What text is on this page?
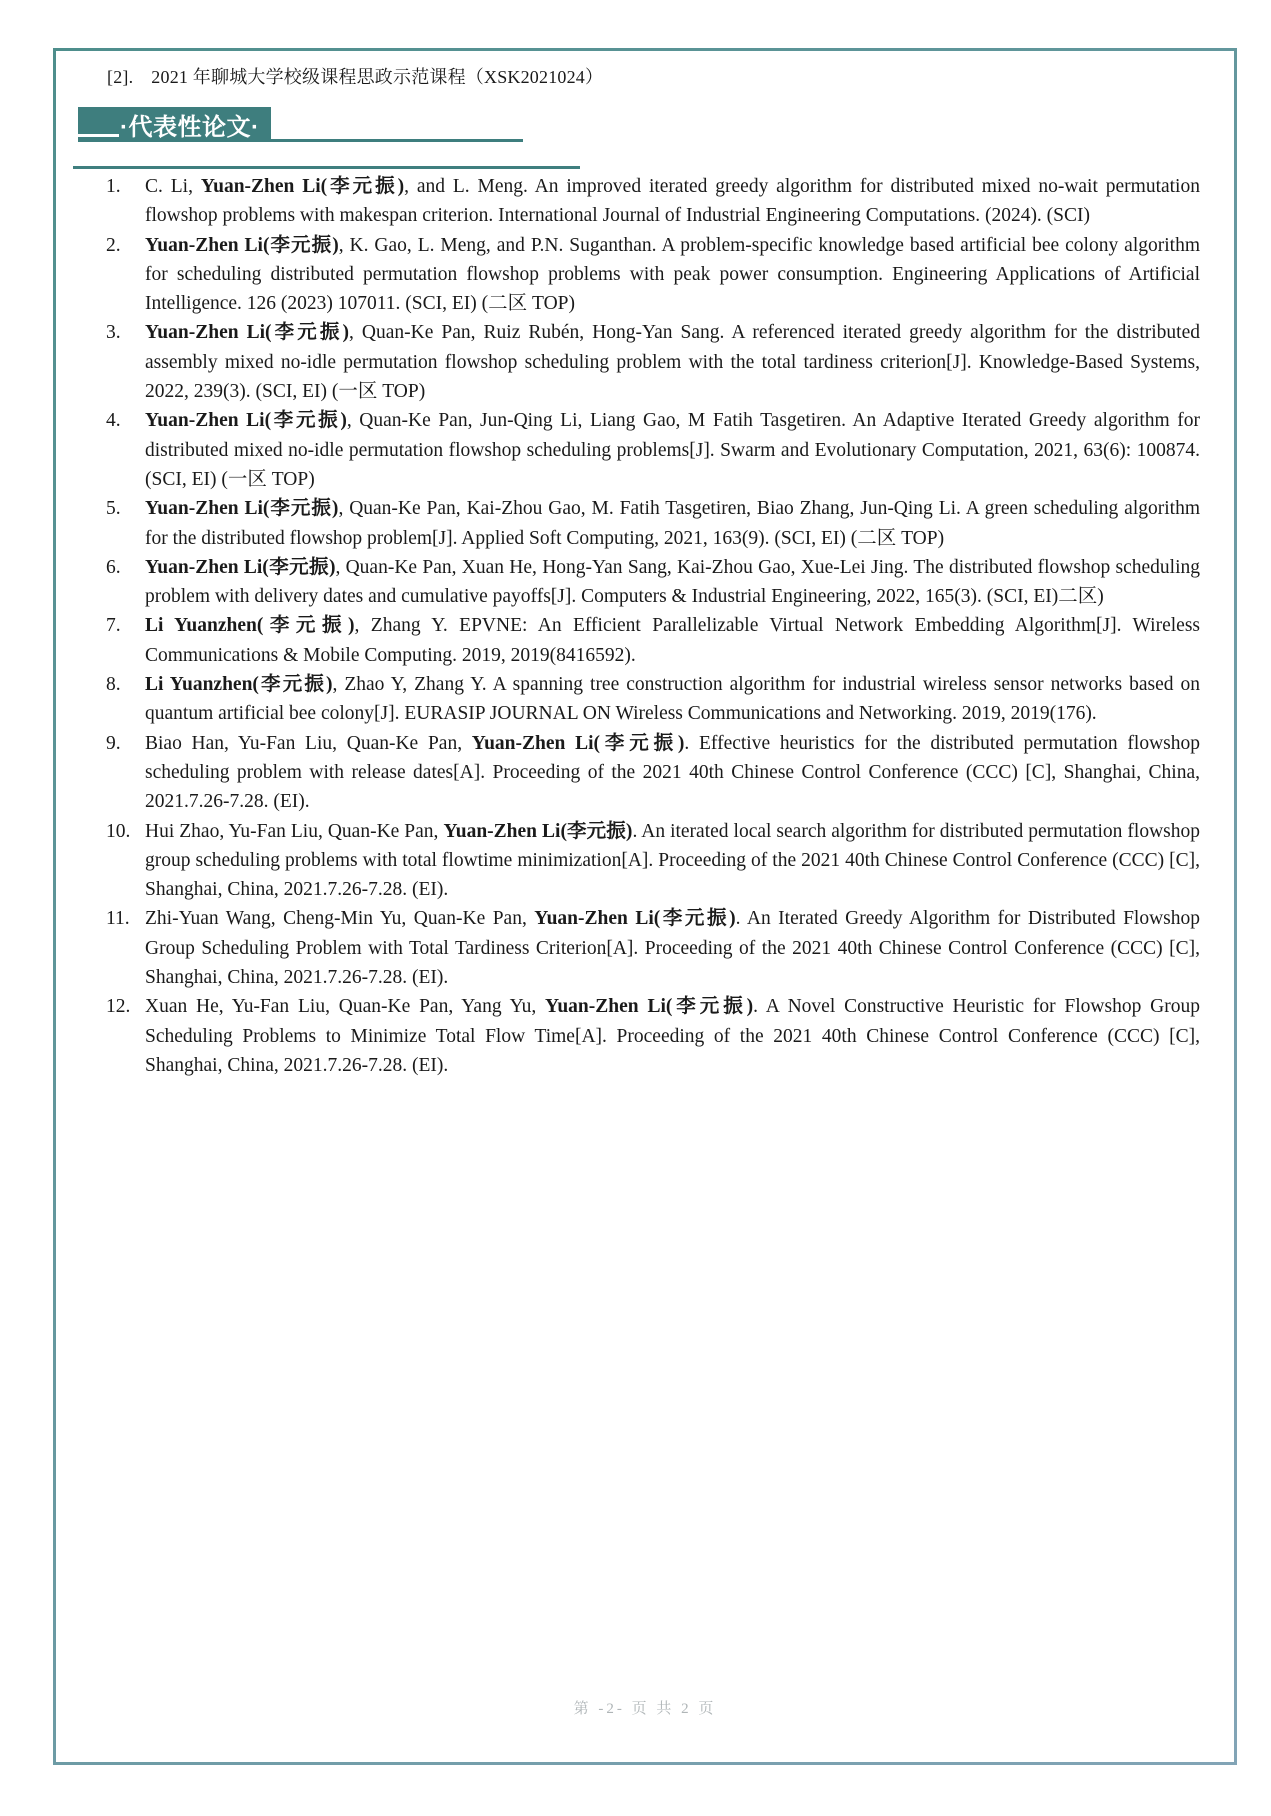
[2]. 2021 年聊城大学校级课程思政示范课程（XSK2021024）
·代表性论文·
1.	C. Li, Yuan-Zhen Li(李元振), and L. Meng. An improved iterated greedy algorithm for distributed mixed no-wait permutation flowshop problems with makespan criterion. International Journal of Industrial Engineering Computations. (2024). (SCI)

2.	Yuan-Zhen Li(李元振), K. Gao, L. Meng, and P.N. Suganthan. A problem-specific knowledge based artificial bee colony algorithm for scheduling distributed permutation flowshop problems with peak power consumption. Engineering Applications of Artificial Intelligence. 126 (2023) 107011. (SCI, EI) (二区 TOP)

3.	Yuan-Zhen Li(李元振), Quan-Ke Pan, Ruiz Rubén, Hong-Yan Sang. A referenced iterated greedy algorithm for the distributed assembly mixed no-idle permutation flowshop scheduling problem with the total tardiness criterion[J]. Knowledge-Based Systems, 2022, 239(3). (SCI, EI) (一区 TOP)

4.	Yuan-Zhen Li(李元振), Quan-Ke Pan, Jun-Qing Li, Liang Gao, M Fatih Tasgetiren. An Adaptive Iterated Greedy algorithm for distributed mixed no-idle permutation flowshop scheduling problems[J]. Swarm and Evolutionary Computation, 2021, 63(6): 100874. (SCI, EI) (一区 TOP)

5.	Yuan-Zhen Li(李元振), Quan-Ke Pan, Kai-Zhou Gao, M. Fatih Tasgetiren, Biao Zhang, Jun-Qing Li. A green scheduling algorithm for the distributed flowshop problem[J]. Applied Soft Computing, 2021, 163(9). (SCI, EI) (二区 TOP)

6.	Yuan-Zhen Li(李元振), Quan-Ke Pan, Xuan He, Hong-Yan Sang, Kai-Zhou Gao, Xue-Lei Jing. The distributed flowshop scheduling problem with delivery dates and cumulative payoffs[J]. Computers & Industrial Engineering, 2022, 165(3). (SCI, EI)二区)

7.	Li Yuanzhen(李元振), Zhang Y. EPVNE: An Efficient Parallelizable Virtual Network Embedding Algorithm[J]. Wireless Communications & Mobile Computing. 2019, 2019(8416592).

8.	Li Yuanzhen(李元振), Zhao Y, Zhang Y. A spanning tree construction algorithm for industrial wireless sensor networks based on quantum artificial bee colony[J]. EURASIP JOURNAL ON Wireless Communications and Networking. 2019, 2019(176).

9.	Biao Han, Yu-Fan Liu, Quan-Ke Pan, Yuan-Zhen Li(李元振). Effective heuristics for the distributed permutation flowshop scheduling problem with release dates[A]. Proceeding of the 2021 40th Chinese Control Conference (CCC) [C], Shanghai, China, 2021.7.26-7.28. (EI).

10. Hui Zhao, Yu-Fan Liu, Quan-Ke Pan, Yuan-Zhen Li(李元振). An iterated local search algorithm for distributed permutation flowshop group scheduling problems with total flowtime minimization[A]. Proceeding of the 2021 40th Chinese Control Conference (CCC) [C], Shanghai, China, 2021.7.26-7.28. (EI).

11. Zhi-Yuan Wang, Cheng-Min Yu, Quan-Ke Pan, Yuan-Zhen Li(李元振). An Iterated Greedy Algorithm for Distributed Flowshop Group Scheduling Problem with Total Tardiness Criterion[A]. Proceeding of the 2021 40th Chinese Control Conference (CCC) [C], Shanghai, China, 2021.7.26-7.28. (EI).

12. Xuan He, Yu-Fan Liu, Quan-Ke Pan, Yang Yu, Yuan-Zhen Li(李元振). A Novel Constructive Heuristic for Flowshop Group Scheduling Problems to Minimize Total Flow Time[A]. Proceeding of the 2021 40th Chinese Control Conference (CCC) [C], Shanghai, China, 2021.7.26-7.28. (EI).

第 -2- 页 共 2 页
